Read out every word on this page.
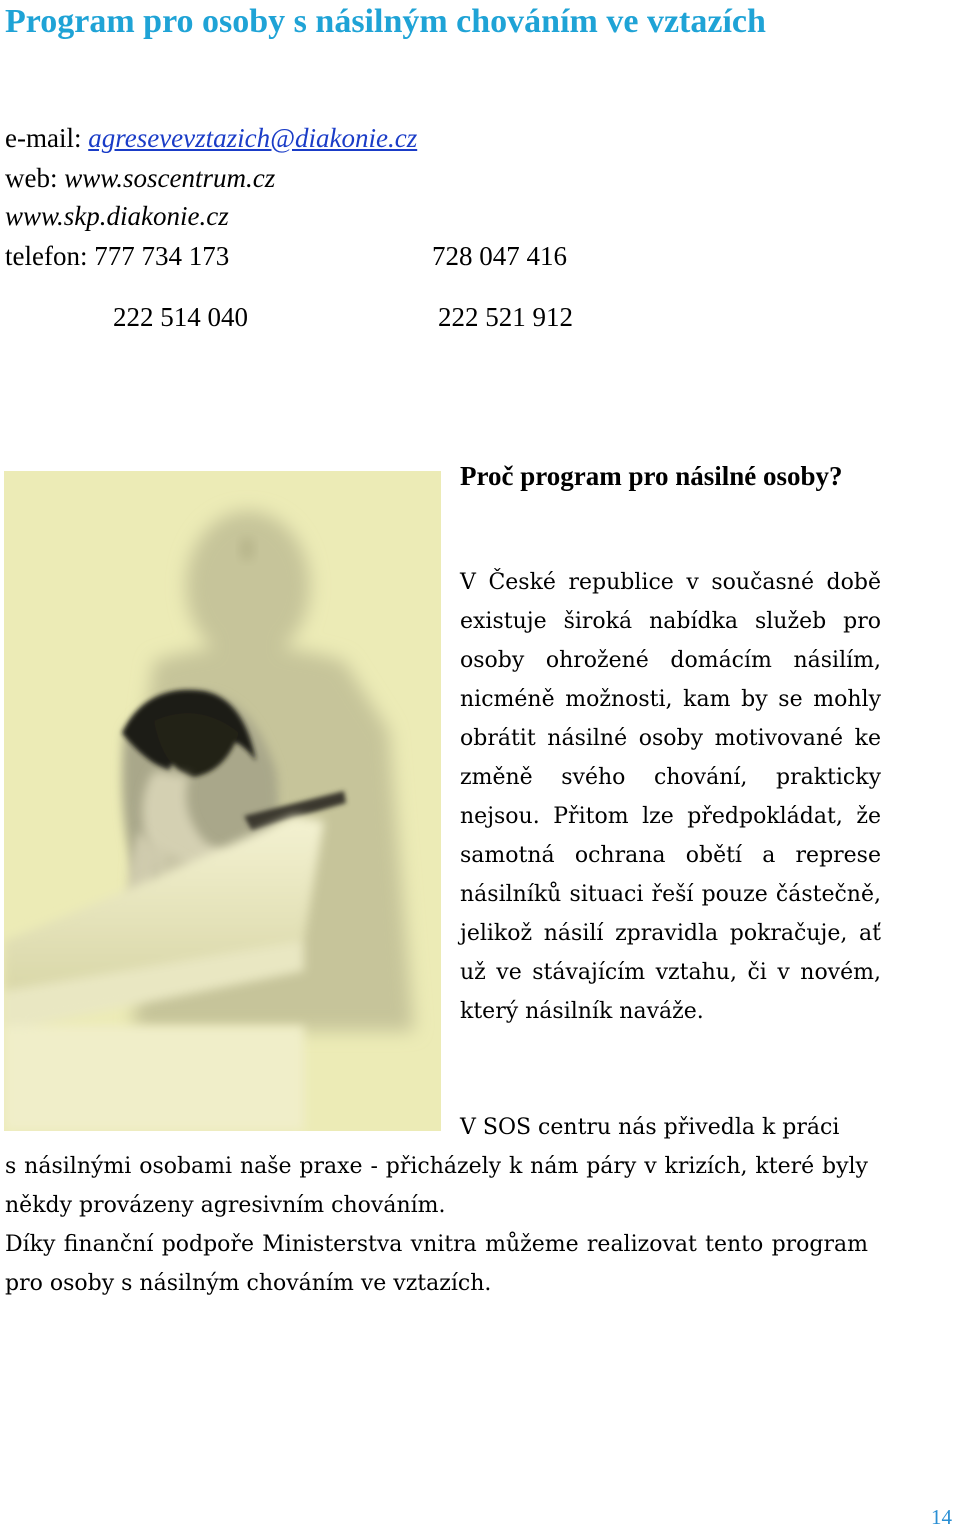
Program pro osoby s násilným chováním ve vztazích
e-mail: agresevevztazich@diakonie.cz
web: www.soscentrum.cz
www.skp.diakonie.cz
telefon: 777 734 173	728 047 416
222 514 040	222 521 912
Proč program pro násilné osoby?

V České republice v současné době existuje široká nabídka služeb pro osoby ohrožené domácím násilím, nicméně možnosti, kam by se mohly obrátit násilné osoby motivované ke změně svého chování, prakticky nejsou. Přitom lze předpokládat, že samotná ochrana obětí a represe násilníků situaci řeší pouze částečně, jelikož násilí zpravidla pokračuje, ať už ve stávajícím vztahu, či v novém, který násilník naváže.

V SOS centru nás přivedla k práci

s násilnými osobami naše praxe - přicházely k nám páry v krizích, které byly někdy provázeny agresivním chováním.

Díky finanční podpoře Ministerstva vnitra můžeme realizovat tento program pro osoby s násilným chováním ve vztazích.

14
